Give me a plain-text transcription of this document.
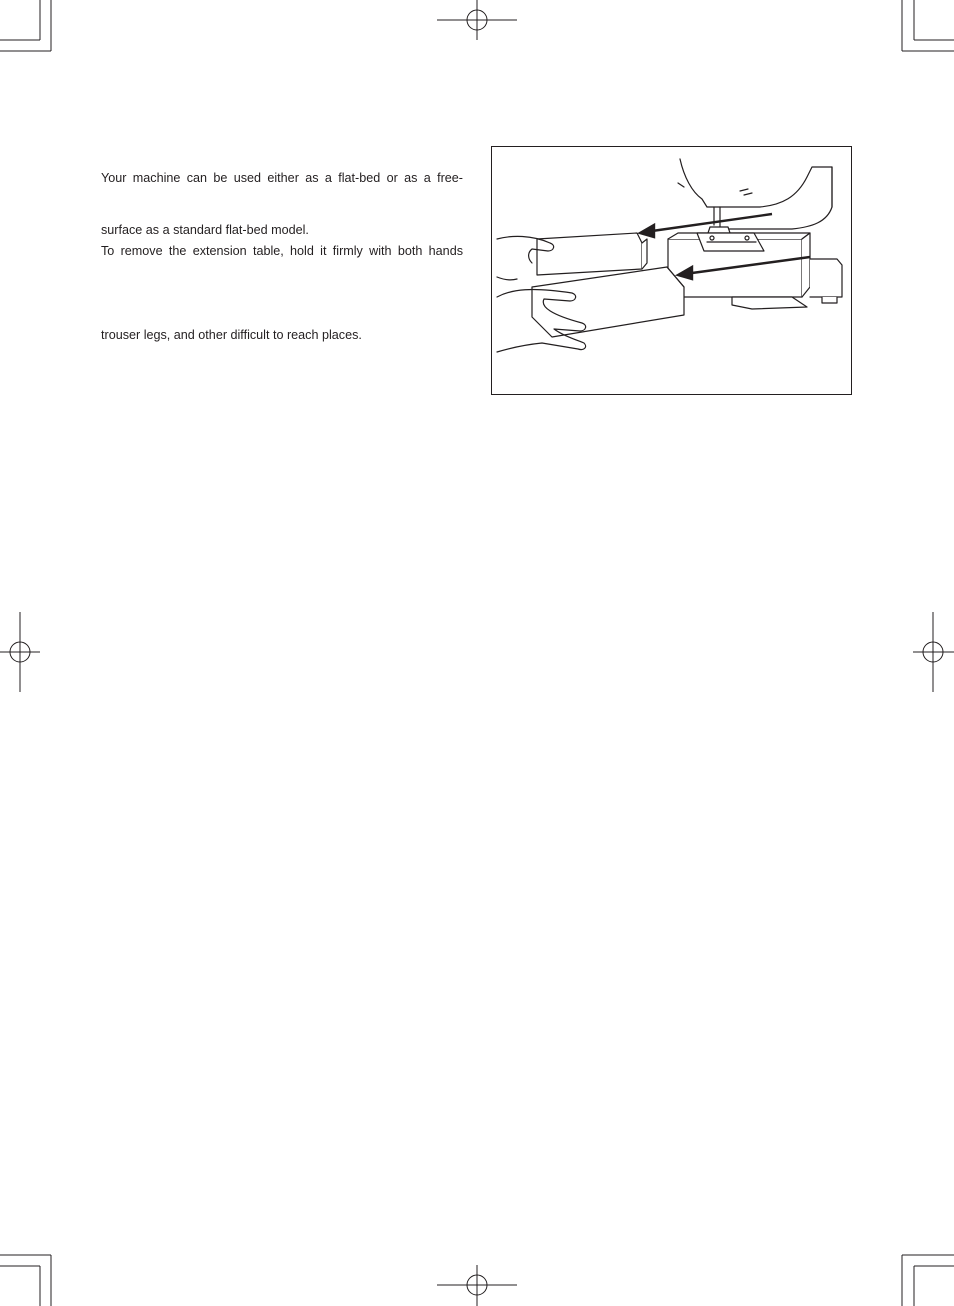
Your machine can be used either as a flat-bed or as a free-

surface as a standard flat-bed model.

To remove the extension table, hold it firmly with both hands

trouser legs, and other difficult to reach places.
